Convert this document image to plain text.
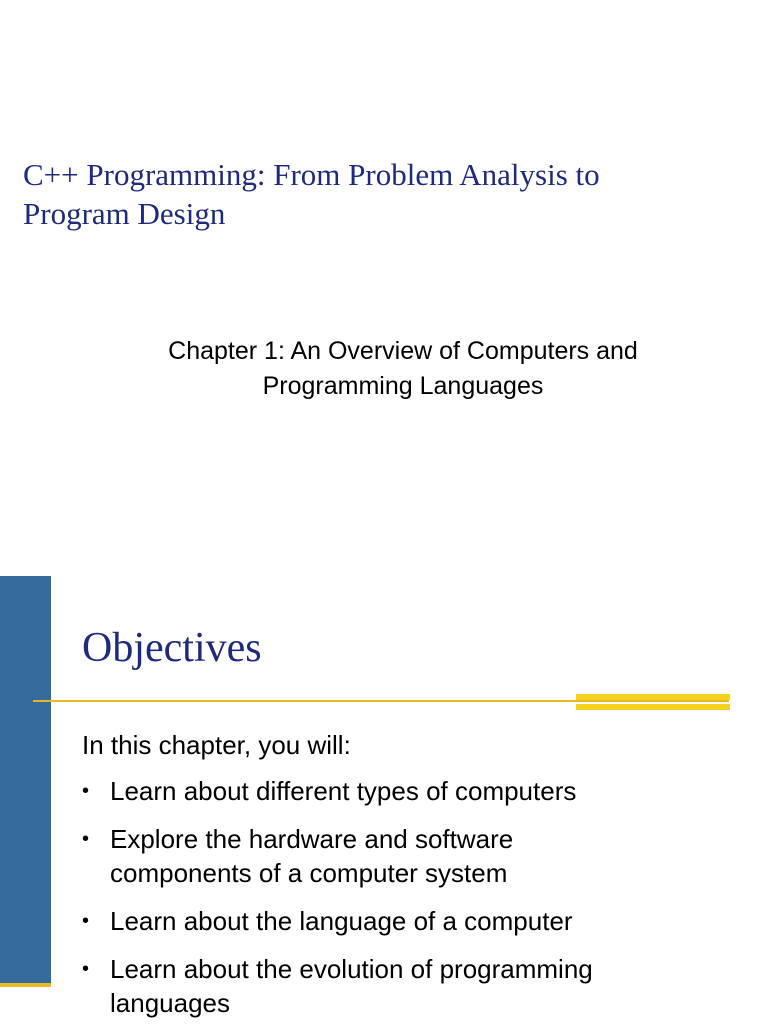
C++ Programming: From Problem Analysis to
Program Design
Chapter 1: An Overview of Computers and
Programming Languages
Objectives
In this chapter, you will:
• Learn about different types of computers
• Explore the hardware and software
components of a computer system
• Learn about the language of a computer
• Learn about the evolution of programming
languages
